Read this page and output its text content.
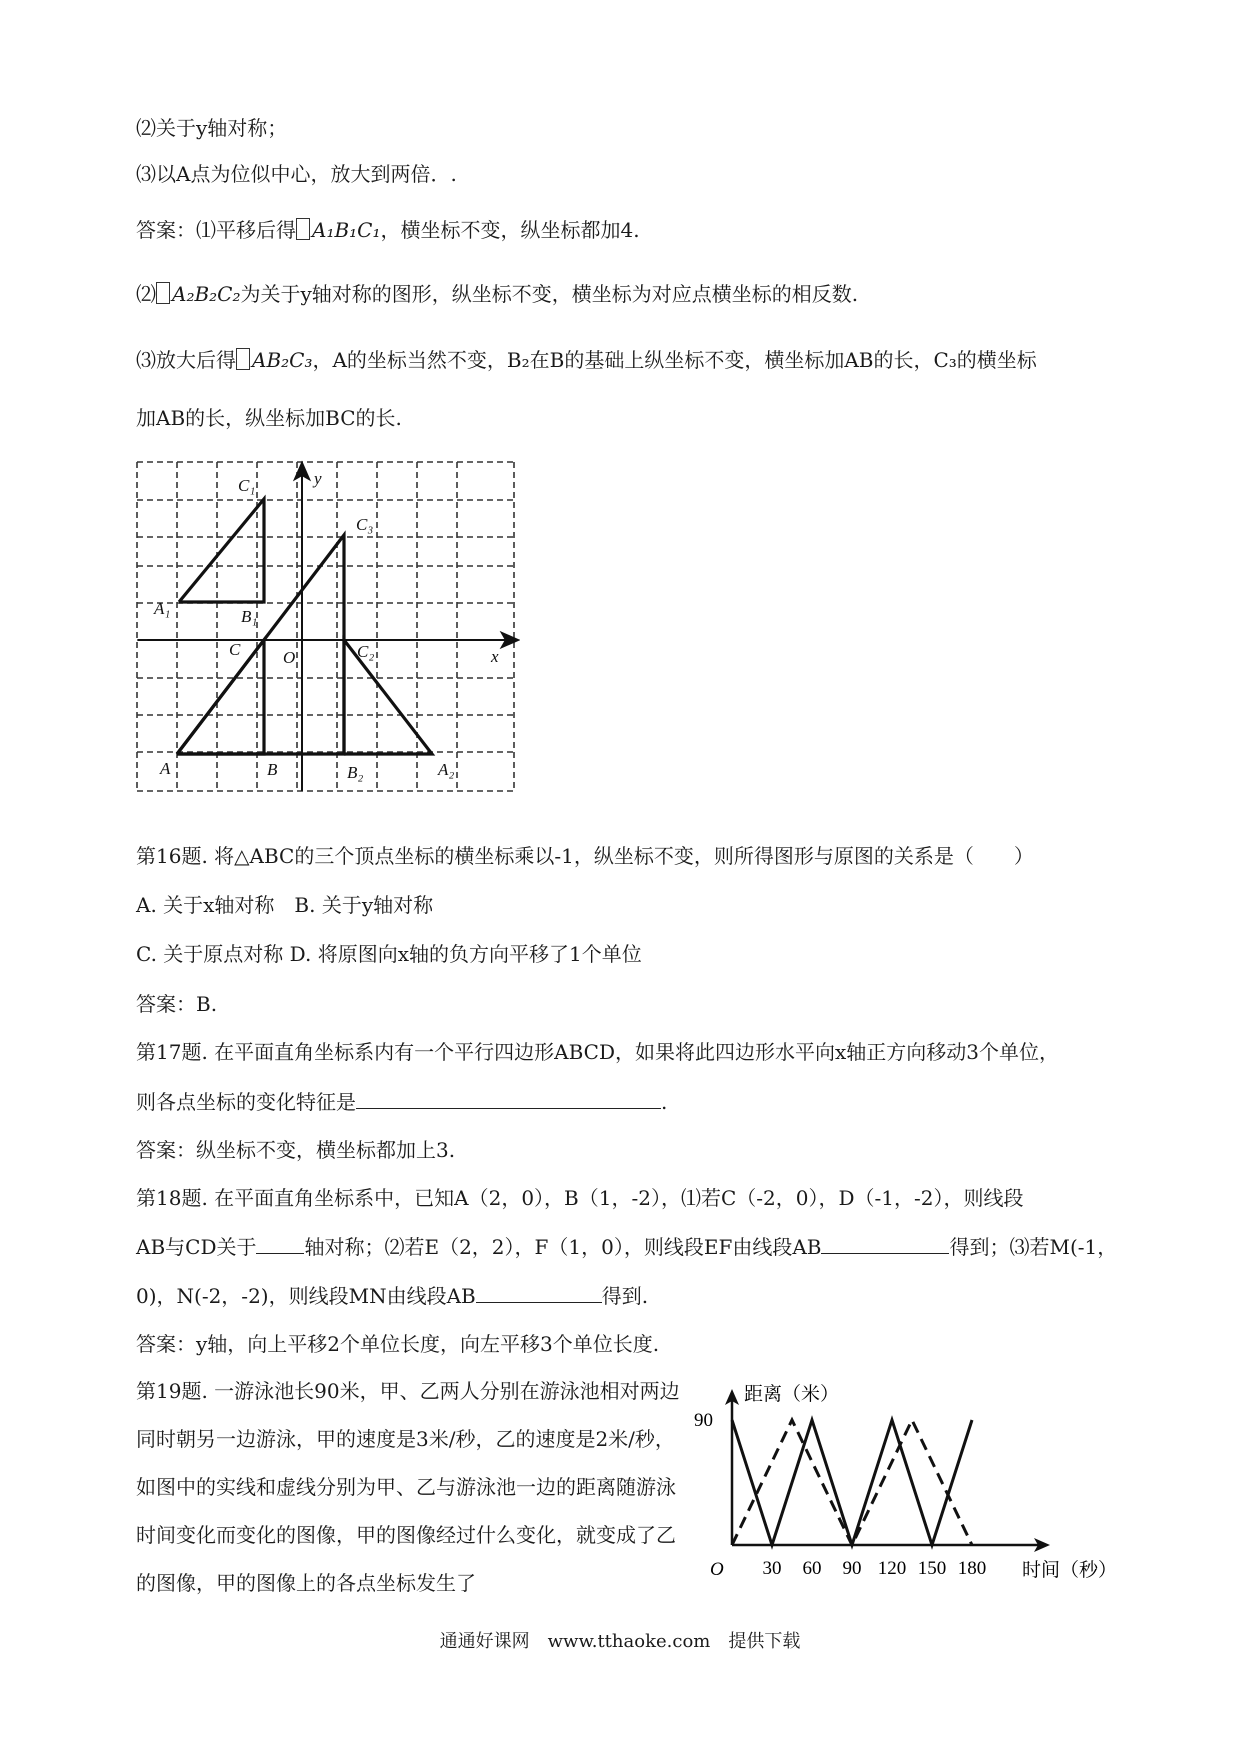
⑵关于y轴对称；
⑶以A点为位似中心，放大到两倍．.
答案：⑴平移后得 A₁B₁C₁，横坐标不变，纵坐标都加4.
⑵ A₂B₂C₂为关于y轴对称的图形，纵坐标不变，横坐标为对应点横坐标的相反数.
⑶放大后得 AB₂C₃，A的坐标当然不变，B₂在B的基础上纵坐标不变，横坐标加AB的长，C₃的横坐标
加AB的长，纵坐标加BC的长.
y
x
O
C₁
C₃
A₁	B₁
C	C₂
A	B	B₂	A₂
第16题. 将△ABC的三个顶点坐标的横坐标乘以-1，纵坐标不变，则所得图形与原图的关系是（　　）
A. 关于x轴对称　B. 关于y轴对称
C. 关于原点对称 D. 将原图向x轴的负方向平移了1个单位
答案：B.
第17题. 在平面直角坐标系内有一个平行四边形ABCD，如果将此四边形水平向x轴正方向移动3个单位，
则各点坐标的变化特征是	.
答案：纵坐标不变，横坐标都加上3.
第18题. 在平面直角坐标系中，已知A（2，0），B（1，-2），⑴若C（-2，0），D（-1，-2），则线段
AB与CD关于 轴对称；⑵若E（2，2），F（1，0），则线段EF由线段AB	得到；⑶若M(-1，
0)，N(-2，-2)，则线段MN由线段AB	得到.
答案：y轴，向上平移2个单位长度，向左平移3个单位长度.
第19题. 一游泳池长90米，甲、乙两人分别在游泳池相对两边同时朝另一边游泳，甲的速度是3米/秒，乙的速度是2米/秒，如图中的实线和虚线分别为甲、乙与游泳池一边的距离随游泳时间变化而变化的图像，甲的图像经过什么变化，就变成了乙的图像，甲的图像上的各点坐标发生了
距离（米）
时间（秒）
O
90
30 60 90 120 150 180
通通好课网　www.tthaoke.com　提供下载
